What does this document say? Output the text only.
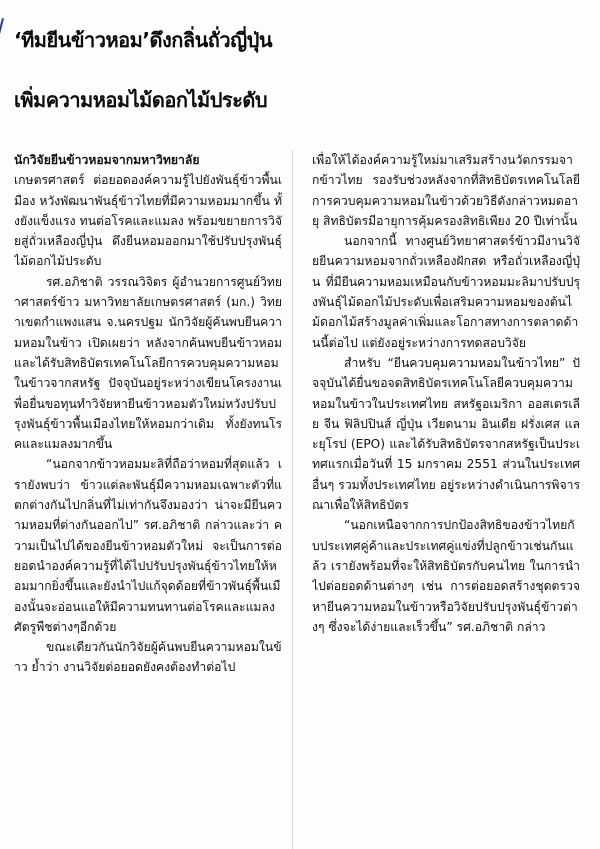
‘ทีมยีนข้าวหอม’ดึงกลิ่นถั่วญี่ปุ่น
เพิ่มความหอมไม้ดอกไม้ประดับ

นักวิจัยยีนข้าวหอมจากมหาวิทยาลัย

เกษตรศาสตร์ ต่อยอดองค์ความรู้ไปยังพันธุ์ข้าวพื้นเมือง หวังพัฒนาพันธุ์ข้าวไทยที่มีความหอมมากขึ้น ทั้งยังแข็งแรง ทนต่อโรคและแมลง พร้อมขยายการวิจัยสู่ถั่วเหลืองญี่ปุ่น ดึงยีนหอมออกมาใช้ปรับปรุงพันธุ์ไม้ดอกไม้ประดับ

รศ.อภิชาติ วรรณวิจิตร ผู้อำนวยการศูนย์วิทยาศาสตร์ข้าว มหาวิทยาลัยเกษตรศาสตร์ (มก.) วิทยาเขตกำแพงแสน จ.นครปฐม นักวิจัยผู้ค้นพบยีนความหอมในข้าว เปิดเผยว่า หลังจากค้นพบยีนข้าวหอมและได้รับสิทธิบัตรเทคโนโลยีการควบคุมความหอมในข้าวจากสหรัฐ ปัจจุบันอยู่ระหว่างเขียนโครงงานเพื่อยื่นขอทุนทำวิจัยหายีนข้าวหอมตัวใหม่หวังปรับปรุงพันธุ์ข้าวพื้นเมืองไทยให้หอมกว่าเดิม ทั้งยังทนโรคและแมลงมากขึ้น

“นอกจากข้าวหอมมะลิที่ถือว่าหอมที่สุดแล้ว เรายังพบว่า ข้าวแต่ละพันธุ์มีความหอมเฉพาะตัวที่แตกต่างกันไปกลิ่นที่ไม่เท่ากันจึงมองว่า น่าจะมียีนความหอมที่ต่างกันออกไป” รศ.อภิชาติ กล่าวและว่า ความเป็นไปได้ของยีนข้าวหอมตัวใหม่ จะเป็นการต่อยอดนำองค์ความรู้ที่ได้ไปปรับปรุงพันธุ์ข้าวไทยให้หอมมากยิ่งขึ้นและยังนำไปแก้จุดด้อยที่ข้าวพันธุ์พื้นเมืองนั้นจะอ่อนแอให้มีความทนทานต่อโรคและแมลงศัตรูพืชต่างๆอีกด้วย

ขณะเดียวกันนักวิจัยผู้ค้นพบยีนความหอมในข้าว ย้ำว่า งานวิจัยต่อยอดยังคงต้องทำต่อไป

เพื่อให้ได้องค์ความรู้ใหม่มาเสริมสร้างนวัตกรรมจากข้าวไทย รองรับช่วงหลังจากที่สิทธิบัตรเทคโนโลยีการควบคุมความหอมในข้าวด้วยวิธีดังกล่าวหมดอายุ สิทธิบัตรมีอายุการคุ้มครองสิทธิเพียง 20 ปีเท่านั้น

นอกจากนี้ ทางศูนย์วิทยาศาสตร์ข้าวมีงานวิจัยยีนความหอมจากถั่วเหลืองฝักสด หรือถั่วเหลืองญี่ปุ่น ที่มียีนความหอมเหมือนกับข้าวหอมมะลิมาปรับปรุงพันธุ์ไม้ดอกไม้ประดับเพื่อเสริมความหอมของต้นไม้ดอกไม้สร้างมูลค่าเพิ่มและโอกาสทางการตลาดด้านนี้ต่อไป แต่ยังอยู่ระหว่างการทดสอบวิจัย

สำหรับ “ยีนควบคุมความหอมในข้าวไทย” ปัจจุบันได้ยื่นขอจดสิทธิบัตรเทคโนโลยีควบคุมความหอมในข้าวในประเทศไทย สหรัฐอเมริกา ออสเตรเลีย จีน ฟิลิปปินส์ ญี่ปุ่น เวียดนาม อินเดีย ฝรั่งเศส และยุโรป (EPO) และได้รับสิทธิบัตรจากสหรัฐเป็นประเทศแรกเมื่อวันที่ 15 มกราคม 2551 ส่วนในประเทศอื่นๆ รวมทั้งประเทศไทย อยู่ระหว่างดำเนินการพิจารณาเพื่อให้สิทธิบัตร

“นอกเหนือจากการปกป้องสิทธิของข้าวไทยกับประเทศคู่ค้าและประเทศคู่แข่งที่ปลูกข้าวเช่นกันแล้ว เรายังพร้อมที่จะให้สิทธิบัตรกับคนไทย ในการนำไปต่อยอดด้านต่างๆ เช่น การต่อยอดสร้างชุดตรวจหายีนความหอมในข้าวหรือวิจัยปรับปรุงพันธุ์ข้าวต่างๆ ซึ่งจะได้ง่ายและเร็วขึ้น” รศ.อภิชาติ กล่าว
